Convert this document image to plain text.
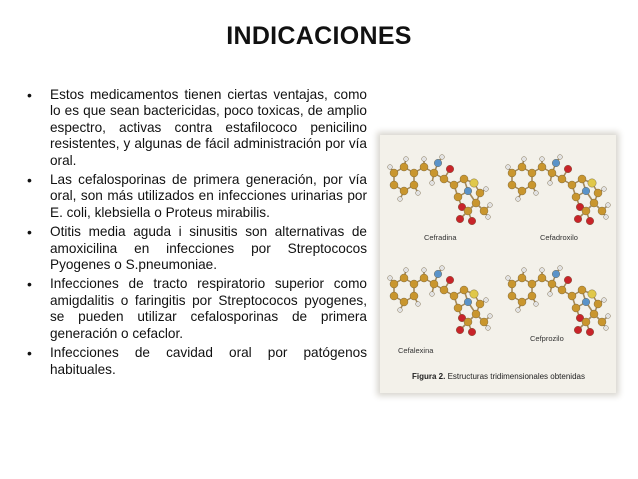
INDICACIONES
• Estos medicamentos tienen ciertas ventajas, como lo es que sean bactericidas, poco toxicas, de amplio espectro, activas contra estafilococo penicilino resistentes, y algunas de fácil administración por vía oral.
• Las cefalosporinas de primera generación, por vía oral, son más utilizados en infecciones urinarias por E. coli, klebsiella o Proteus mirabilis.
• Otitis media aguda i sinusitis son alternativas de amoxicilina en infecciones por Streptococos Pyogenes o S.pneumoniae.
• Infecciones de tracto respiratorio superior como amigdalitis o faringitis por Streptococos pyogenes, se pueden utilizar cefalosporinas de primera generación o cefaclor.
• Infecciones de cavidad oral por patógenos habituales.
Cefradina	Cefadroxilo
Cefalexina
Cefprozilo
Figura 2. Estructuras tridimensionales obtenidas
